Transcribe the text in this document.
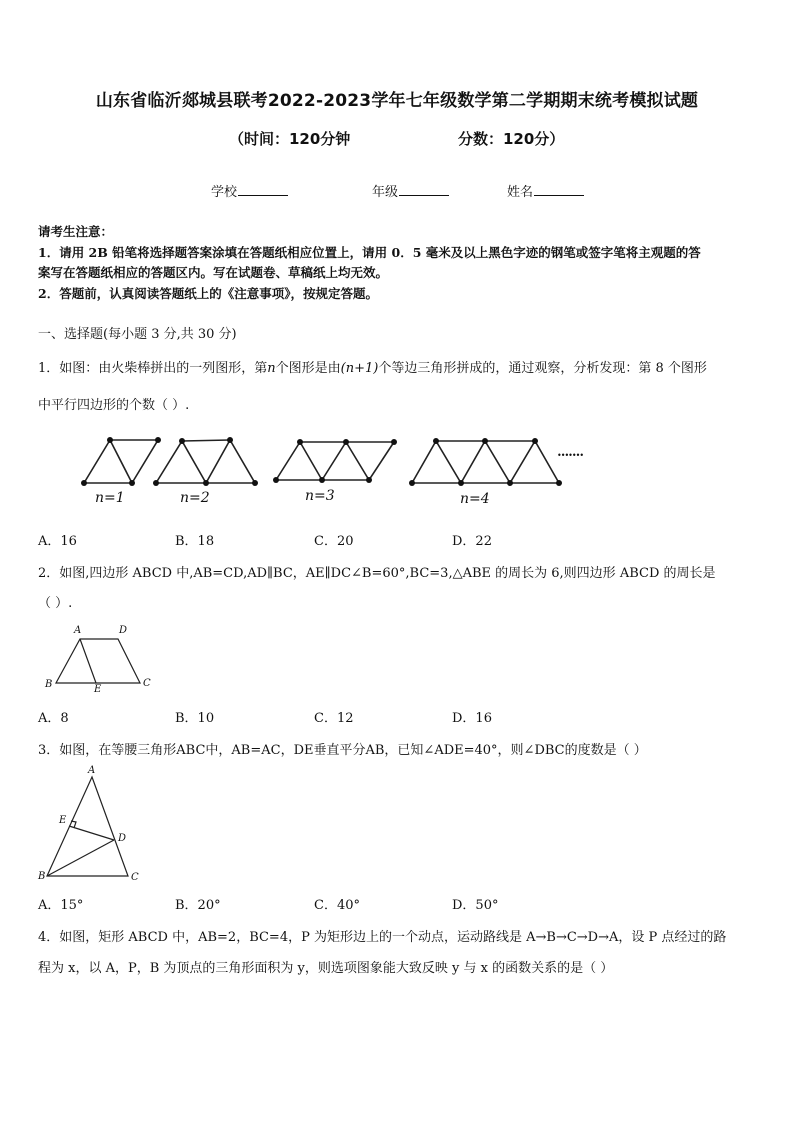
山东省临沂郯城县联考2022-2023学年七年级数学第二学期期末统考模拟试题
（时间：120分钟	分数：120分）
学校	年级	姓名
请考生注意：
1．请用 2B 铅笔将选择题答案涂填在答题纸相应位置上，请用 0．5 毫米及以上黑色字迹的钢笔或签字笔将主观题的答
案写在答题纸相应的答题区内。写在试题卷、草稿纸上均无效。
2．答题前，认真阅读答题纸上的《注意事项》，按规定答题。
一、选择题(每小题 3 分,共 30 分)
1．如图：由火柴棒拼出的一列图形，第n个图形是由(n+1)个等边三角形拼成的，通过观察，分析发现：第 8 个图形
中平行四边形的个数（ ）.
n=1	n=2	n=3	n=4
•••••••
A．16	B．18	C．20	D．22
2．如图,四边形 ABCD 中,AB=CD,AD∥BC，AE∥DC∠B=60°,BC=3,△ABE 的周长为 6,则四边形 ABCD 的周长是
（ ）.
A	D
B	E
C
A．8	B．10	C．12	D．16
3．如图，在等腰三角形ABC中，AB=AC，DE垂直平分AB，已知∠ADE=40°，则∠DBC的度数是（ ）
A
E
D
B	C
A．15°	B．20°	C．40°	D．50°
4．如图，矩形 ABCD 中，AB=2，BC=4，P 为矩形边上的一个动点，运动路线是 A→B→C→D→A，设 P 点经过的路
程为 x，以 A，P，B 为顶点的三角形面积为 y，则选项图象能大致反映 y 与 x 的函数关系的是（ ）
